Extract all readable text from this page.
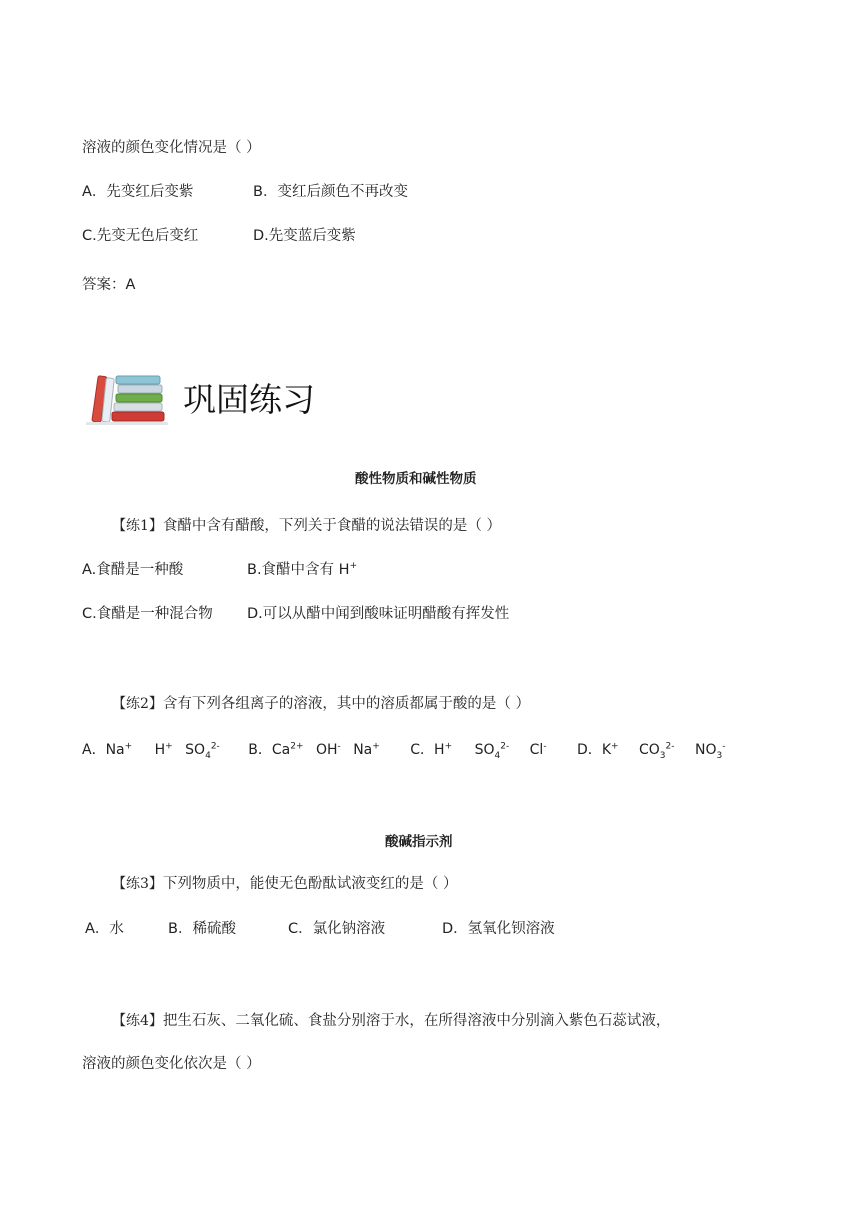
溶液的颜色变化情况是（ ）
A．先变红后变紫	B．变红后颜色不再改变
C.先变无色后变红	D.先变蓝后变紫
答案：A
巩固练习
酸性物质和碱性物质
【练1】食醋中含有醋酸，下列关于食醋的说法错误的是（ ）
A.食醋是一种酸	B.食醋中含有 H+
C.食醋是一种混合物 D.可以从醋中闻到酸味证明醋酸有挥发性
【练2】含有下列各组离子的溶液，其中的溶质都属于酸的是（ ）
A．Na+ H+ $SO_4^{2-}$ B．$Ca^{2+}$ OH- Na+ C．H+ $SO_4^{2-}$ Cl- D．K+ $CO_3^{2-}$ $NO_3^-$
酸碱指示剂
【练3】下列物质中，能使无色酚酞试液变红的是（ ）
A．水	B．稀硫酸	C．氯化钠溶液	D．氢氧化钡溶液
【练4】把生石灰、二氧化硫、食盐分别溶于水，在所得溶液中分别滴入紫色石蕊试液，
溶液的颜色变化依次是（ ）
